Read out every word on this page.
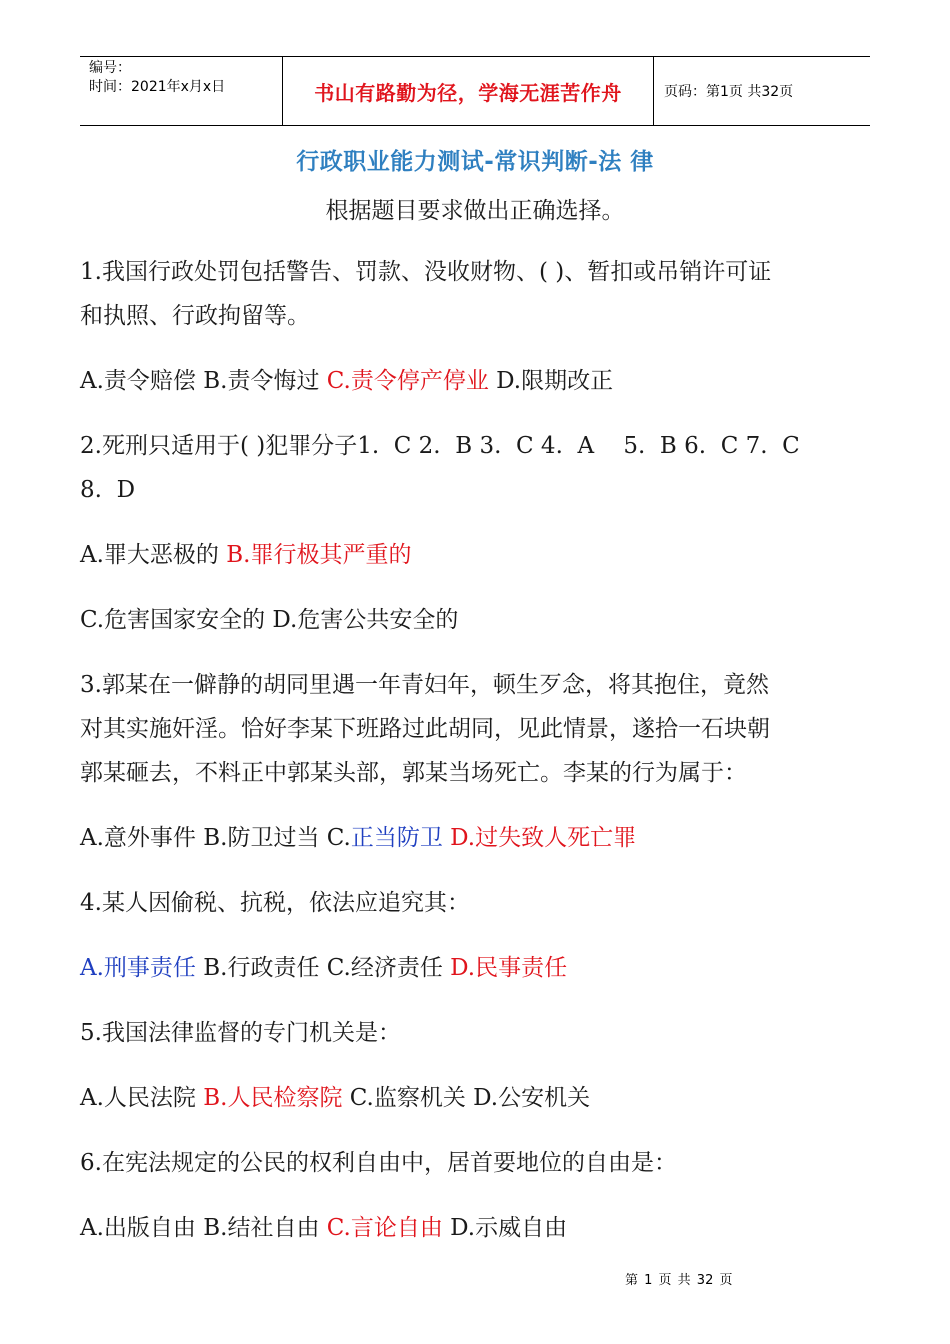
编号：
时间：2021年x月x日	书山有路勤为径，学海无涯苦作舟	页码：第1页 共32页
行政职业能力测试-常识判断-法 律
根据题目要求做出正确选择。

1.我国行政处罚包括警告、罚款、没收财物、( )、暂扣或吊销许可证
和执照、行政拘留等。

A.责令赔偿 B.责令悔过 C.责令停产停业 D.限期改正

2.死刑只适用于( )犯罪分子1.  C 2.  B 3.  C 4.  A    5.  B 6.  C 7.  C
8.  D

A.罪大恶极的 B.罪行极其严重的

C.危害国家安全的 D.危害公共安全的

3.郭某在一僻静的胡同里遇一年青妇年，顿生歹念，将其抱住，竟然
对其实施奸淫。恰好李某下班路过此胡同，见此情景，遂拾一石块朝
郭某砸去，不料正中郭某头部，郭某当场死亡。李某的行为属于：

A.意外事件 B.防卫过当 C.正当防卫 D.过失致人死亡罪

4.某人因偷税、抗税，依法应追究其：

A.刑事责任 B.行政责任 C.经济责任 D.民事责任

5.我国法律监督的专门机关是：

A.人民法院 B.人民检察院 C.监察机关 D.公安机关

6.在宪法规定的公民的权利自由中，居首要地位的自由是：

A.出版自由 B.结社自由 C.言论自由 D.示威自由

第 1 页 共 32 页
